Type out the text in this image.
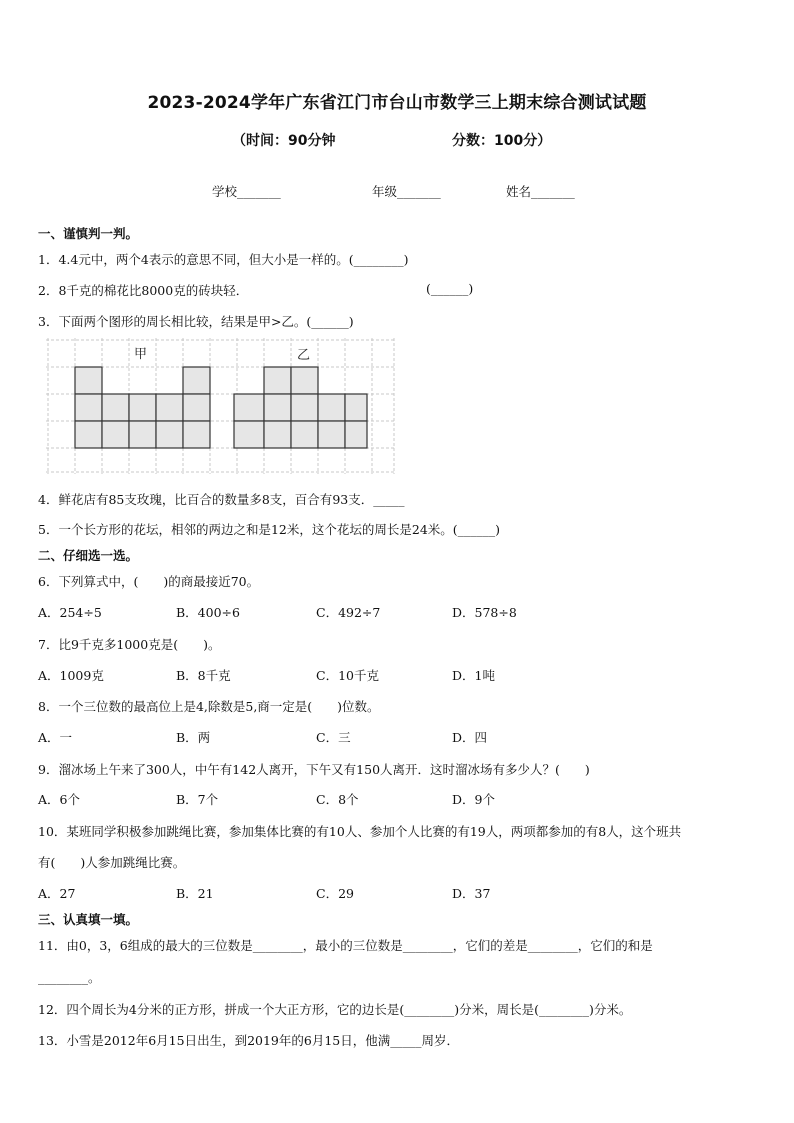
2023-2024学年广东省江门市台山市数学三上期末综合测试试题
（时间：90分钟	分数：100分）
学校_______	年级_______	姓名_______
一、谨慎判一判。
1．4.4元中，两个4表示的意思不同，但大小是一样的。(________)
2．8千克的棉花比8000克的砖块轻．	(______)
3．下面两个图形的周长相比较，结果是甲>乙。(______)
甲	乙
4．鲜花店有85支玫瑰，比百合的数量多8支，百合有93支．_____
5．一个长方形的花坛，相邻的两边之和是12米，这个花坛的周长是24米。(______)
二、仔细选一选。
6．下列算式中，(　　)的商最接近70。
A．254÷5	B．400÷6	C．492÷7	D．578÷8
7．比9千克多1000克是(　　)。
A．1009克	B．8千克	C．10千克	D．1吨
8．一个三位数的最高位上是4,除数是5,商一定是(　　)位数。
A．一	B．两	C．三	D．四
9．溜冰场上午来了300人，中午有142人离开，下午又有150人离开．这时溜冰场有多少人？(　　)
A．6个	B．7个	C．8个	D．9个
10．某班同学积极参加跳绳比赛，参加集体比赛的有10人、参加个人比赛的有19人，两项都参加的有8人，这个班共
有(　　)人参加跳绳比赛。
A．27	B．21	C．29	D．37
三、认真填一填。
11．由0，3，6组成的最大的三位数是________，最小的三位数是________，它们的差是________，它们的和是
________。
12．四个周长为4分米的正方形，拼成一个大正方形，它的边长是(________)分米，周长是(________)分米。
13．小雪是2012年6月15日出生，到2019年的6月15日，他满_____周岁．
